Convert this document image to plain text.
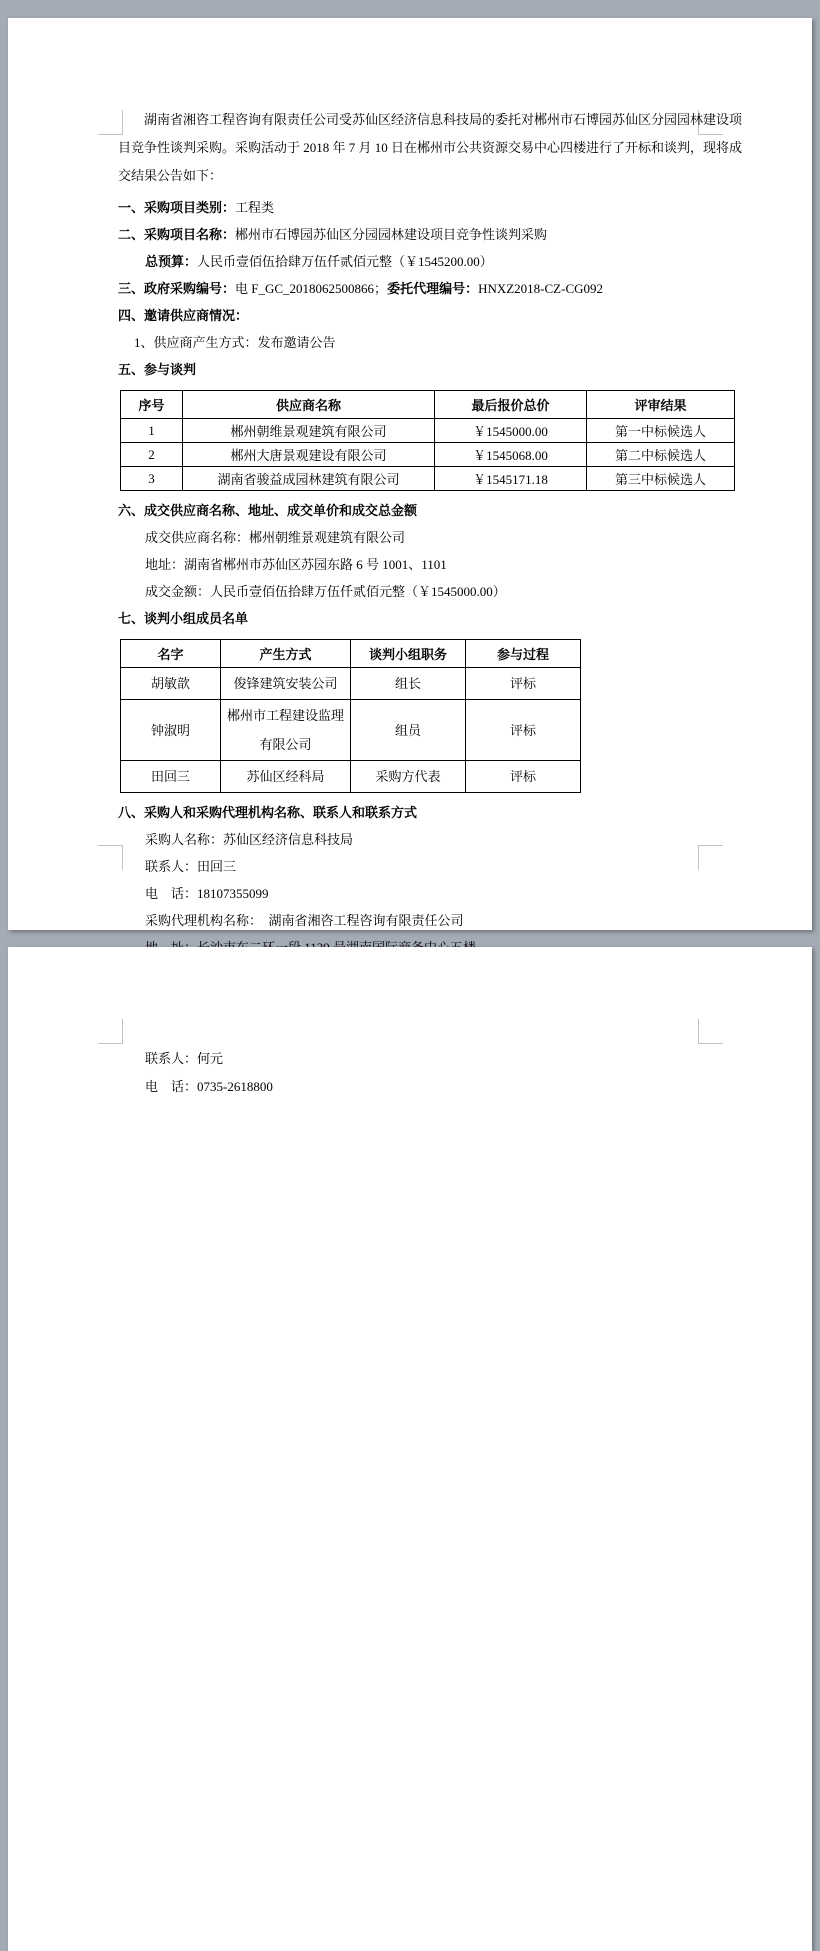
湖南省湘咨工程咨询有限责任公司受苏仙区经济信息科技局的委托对郴州市石博园苏仙区分园园林建设项目竞争性谈判采购。采购活动于 2018 年 7 月 10 日在郴州市公共资源交易中心四楼进行了开标和谈判，现将成交结果公告如下：

一、采购项目类别：工程类
二、采购项目名称：郴州市石博园苏仙区分园园林建设项目竞争性谈判采购
总预算：人民币壹佰伍拾肆万伍仟贰佰元整（￥1545200.00）
三、政府采购编号：电 F_GC_2018062500866；委托代理编号：HNXZ2018-CZ-CG092
四、邀请供应商情况：
1、供应商产生方式：发布邀请公告
五、参与谈判
序号	供应商名称	最后报价总价	评审结果
1	郴州朝维景观建筑有限公司	￥1545000.00	第一中标候选人
2	郴州大唐景观建设有限公司	￥1545068.00	第二中标候选人
3	湖南省骏益成园林建筑有限公司	￥1545171.18	第三中标候选人
六、成交供应商名称、地址、成交单价和成交总金额
成交供应商名称：郴州朝维景观建筑有限公司
地址：湖南省郴州市苏仙区苏园东路 6 号 1001、1101
成交金额：人民币壹佰伍拾肆万伍仟贰佰元整（￥1545000.00）
七、谈判小组成员名单
名字	产生方式	谈判小组职务	参与过程
胡敏歆	俊锋建筑安装公司	组长	评标
钟淑明	郴州市工程建设监理有限公司	组员	评标
田回三	苏仙区经科局	采购方代表	评标
八、采购人和采购代理机构名称、联系人和联系方式
采购人名称：苏仙区经济信息科技局
联系人：田回三
电　话：18107355099
采购代理机构名称：　湖南省湘咨工程咨询有限责任公司
联系人：何元
电　话：0735-2618800
